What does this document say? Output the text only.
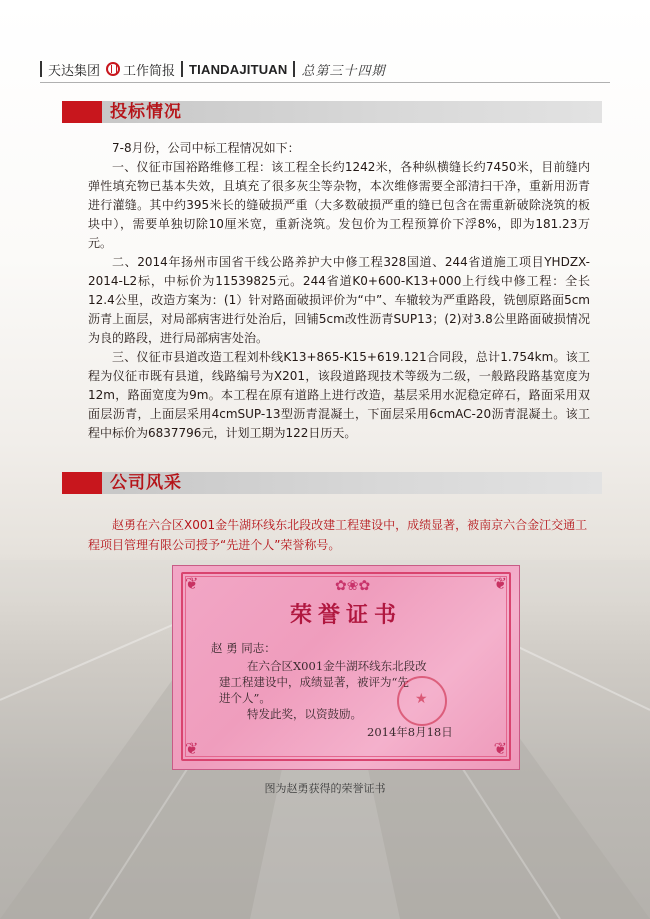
天达集团 工作简报 TIANDAJITUAN 总第三十四期
投标情况

7-8月份，公司中标工程情况如下：

一、仪征市国裕路维修工程：该工程全长约1242米，各种纵横缝长约7450米，目前缝内弹性填充物已基本失效，且填充了很多灰尘等杂物，本次维修需要全部清扫干净，重新用沥青进行灌缝。其中约395米长的缝破损严重（大多数破损严重的缝已包含在需重新破除浇筑的板块中），需要单独切除10厘米宽，重新浇筑。发包价为工程预算价下浮8%，即为181.23万元。

二、2014年扬州市国省干线公路养护大中修工程328国道、244省道施工项目YHDZX-2014-L2标，中标价为11539825元。244省道K0+600-K13+000上行线中修工程：全长12.4公里，改造方案为：(1）针对路面破损评价为“中”、车辙较为严重路段，铣刨原路面5cm沥青上面层，对局部病害进行处治后，回铺5cm改性沥青SUP13；(2)对3.8公里路面破损情况为良的路段，进行局部病害处治。

三、仪征市县道改造工程刘朴线K13+865-K15+619.121合同段，总计1.754km。该工程为仪征市既有县道，线路编号为X201，该段道路现技术等级为二级，一般路段路基宽度为12m，路面宽度为9m。本工程在原有道路上进行改造，基层采用水泥稳定碎石，路面采用双面层沥青，上面层采用4cmSUP-13型沥青混凝土，下面层采用6cmAC-20沥青混凝土。该工程中标价为6837796元，计划工期为122日历天。

公司风采

赵勇在六合区X001金牛湖环线东北段改建工程建设中，成绩显著，被南京六合金江交通工程项目管理有限公司授予“先进个人”荣誉称号。

❦	❦
❦	❦
✿❀✿
荣誉证书
赵 勇 同志：
在六合区X001金牛湖环线东北段改
建工程建设中，成绩显著，被评为“先
进个人”。
特发此奖，以资鼓励。
★
2014年8月18日
图为赵勇获得的荣誉证书
